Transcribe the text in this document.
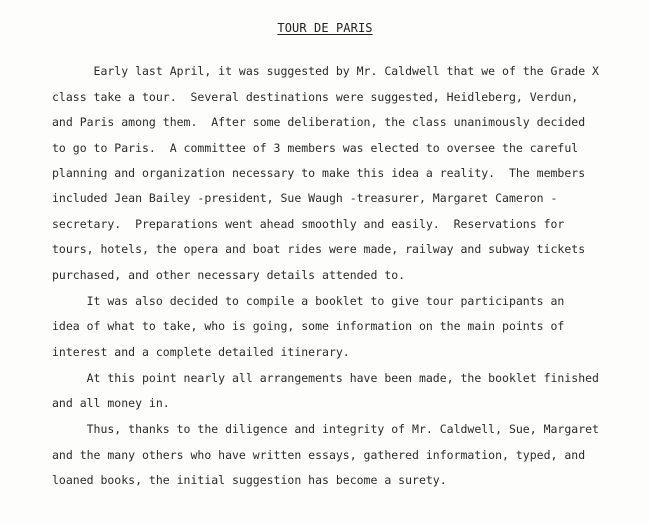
TOUR DE PARIS
Early last April, it was suggested by Mr. Caldwell that we of the Grade X
class take a tour.  Several destinations were suggested, Heidleberg, Verdun,
and Paris among them.  After some deliberation, the class unanimously decided
to go to Paris.  A committee of 3 members was elected to oversee the careful
planning and organization necessary to make this idea a reality.  The members
included Jean Bailey -president, Sue Waugh -treasurer, Margaret Cameron -
secretary.  Preparations went ahead smoothly and easily.  Reservations for
tours, hotels, the opera and boat rides were made, railway and subway tickets
purchased, and other necessary details attended to.
It was also decided to compile a booklet to give tour participants an
idea of what to take, who is going, some information on the main points of
interest and a complete detailed itinerary.
At this point nearly all arrangements have been made, the booklet finished
and all money in.
Thus, thanks to the diligence and integrity of Mr. Caldwell, Sue, Margaret
and the many others who have written essays, gathered information, typed, and
loaned books, the initial suggestion has become a surety.
